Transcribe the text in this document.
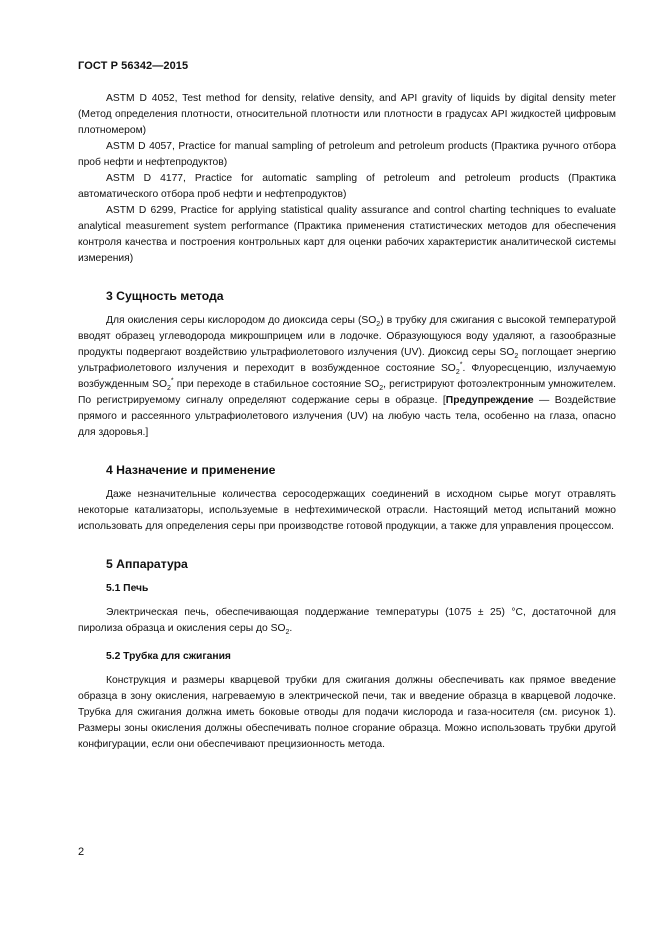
ГОСТ Р 56342—2015

ASTM D 4052, Test method for density, relative density, and API gravity of liquids by digital density meter (Метод определения плотности, относительной плотности или плотности в градусах API жидкостей цифровым плотномером)

ASTM D 4057, Practice for manual sampling of petroleum and petroleum products (Практика ручного отбора проб нефти и нефтепродуктов)

ASTM D 4177, Practice for automatic sampling of petroleum and petroleum products (Практика автоматического отбора проб нефти и нефтепродуктов)

ASTM D 6299, Practice for applying statistical quality assurance and control charting techniques to evaluate analytical measurement system performance (Практика применения статистических методов для обеспечения контроля качества и построения контрольных карт для оценки рабочих характеристик аналитической системы измерения)

3 Сущность метода

Для окисления серы кислородом до диоксида серы $(SO_2)$ в трубку для сжигания с высокой температурой вводят образец углеводорода микрошприцем или в лодочке. Образующуюся воду удаляют, а газообразные продукты подвергают воздействию ультрафиолетового излучения (UV). Диоксид серы $SO_2$ поглощает энергию ультрафиолетового излучения и переходит в возбужденное состояние $SO_2^*$. Флуоресценцию, излучаемую возбужденным $SO_2^*$ при переходе в стабильное состояние $SO_2$, регистрируют фотоэлектронным умножителем. По регистрируемому сигналу определяют содержание серы в образце. [Предупреждение — Воздействие прямого и рассеянного ультрафиолетового излучения (UV) на любую часть тела, особенно на глаза, опасно для здоровья.]

4 Назначение и применение

Даже незначительные количества серосодержащих соединений в исходном сырье могут отравлять некоторые катализаторы, используемые в нефтехимической отрасли. Настоящий метод испытаний можно использовать для определения серы при производстве готовой продукции, а также для управления процессом.

5 Аппаратура
5.1 Печь

Электрическая печь, обеспечивающая поддержание температуры (1075 ± 25) °С, достаточной для пиролиза образца и окисления серы до $SO_2$.

5.2 Трубка для сжигания

Конструкция и размеры кварцевой трубки для сжигания должны обеспечивать как прямое введение образца в зону окисления, нагреваемую в электрической печи, так и введение образца в кварцевой лодочке. Трубка для сжигания должна иметь боковые отводы для подачи кислорода и газа-носителя (см. рисунок 1). Размеры зоны окисления должны обеспечивать полное сгорание образца. Можно использовать трубки другой конфигурации, если они обеспечивают прецизионность метода.

2
